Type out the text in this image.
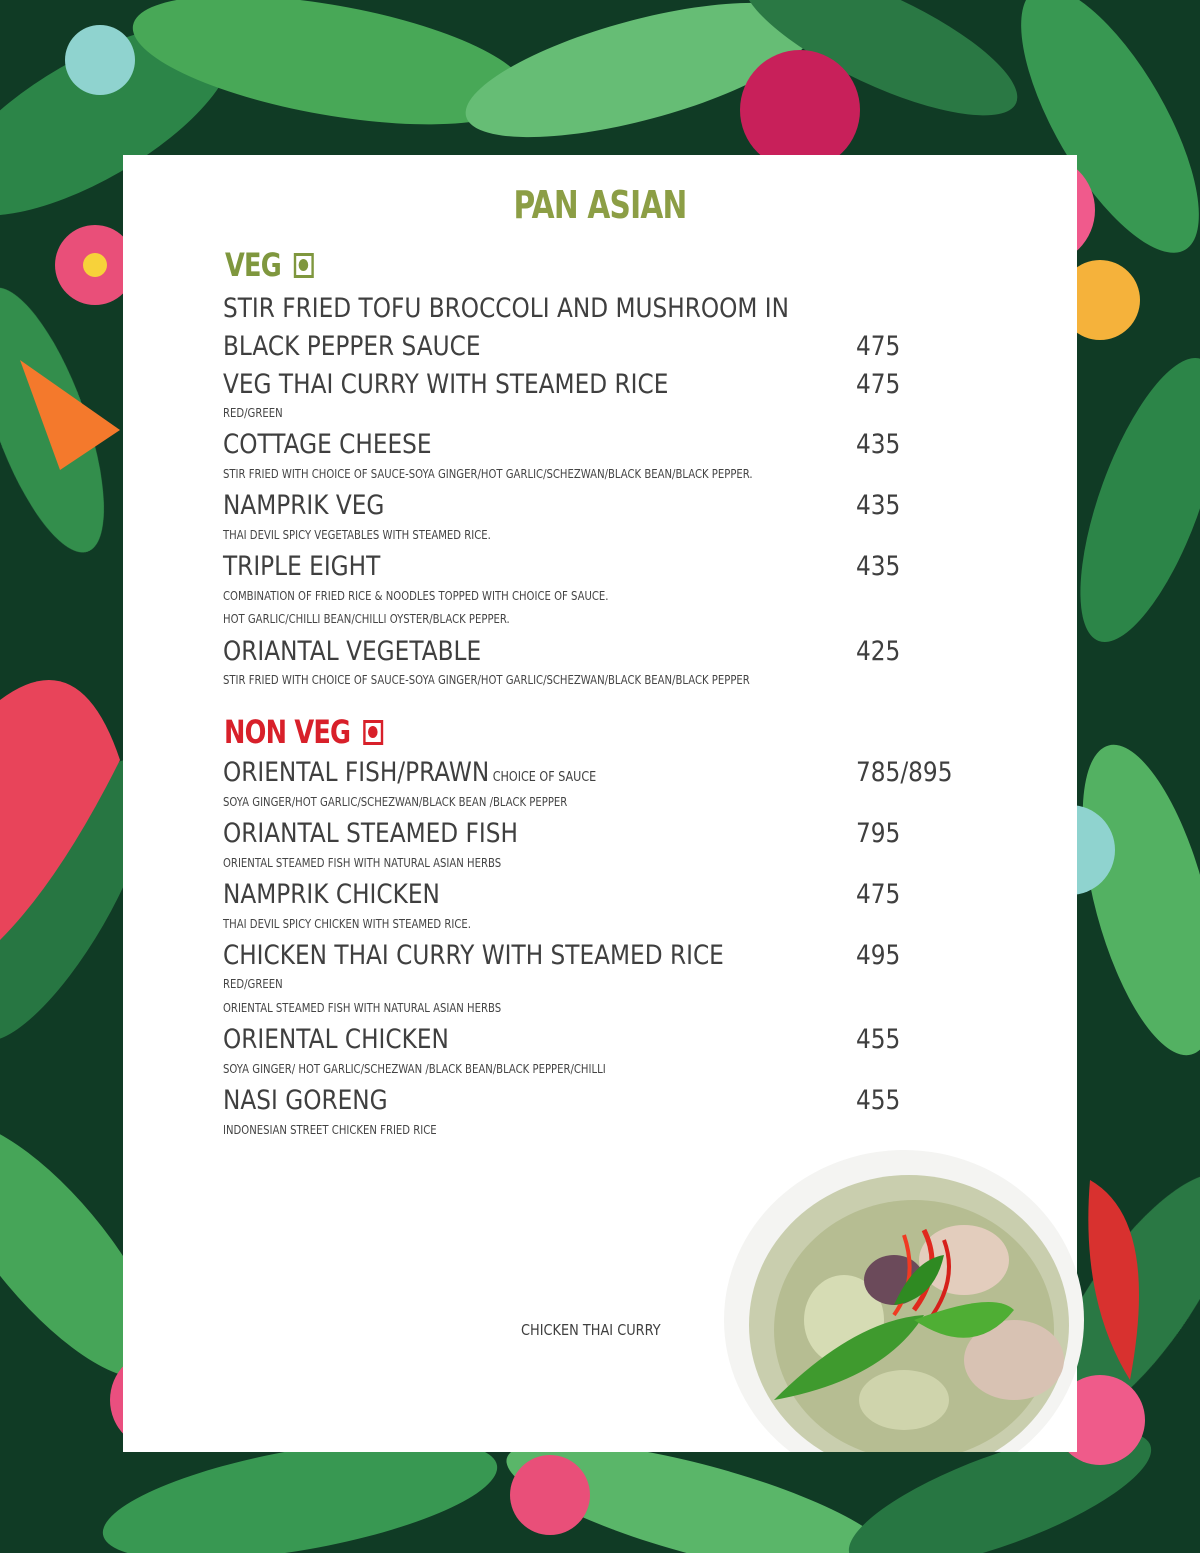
PAN ASIAN
VEG
STIR FRIED TOFU BROCCOLI AND MUSHROOM IN
BLACK PEPPER SAUCE	475
VEG THAI CURRY WITH STEAMED RICE	475
RED/GREEN
COTTAGE CHEESE	435
STIR FRIED WITH CHOICE OF SAUCE-SOYA GINGER/HOT GARLIC/SCHEZWAN/BLACK BEAN/BLACK PEPPER.
NAMPRIK VEG	435
THAI DEVIL SPICY VEGETABLES WITH STEAMED RICE.
TRIPLE EIGHT	435
COMBINATION OF FRIED RICE & NOODLES TOPPED WITH CHOICE OF SAUCE.
HOT GARLIC/CHILLI BEAN/CHILLI OYSTER/BLACK PEPPER.
ORIANTAL VEGETABLE	425
STIR FRIED WITH CHOICE OF SAUCE-SOYA GINGER/HOT GARLIC/SCHEZWAN/BLACK BEAN/BLACK PEPPER
NON VEG
ORIENTAL FISH/PRAWN CHOICE OF SAUCE	785/895
SOYA GINGER/HOT GARLIC/SCHEZWAN/BLACK BEAN /BLACK PEPPER
ORIANTAL STEAMED FISH	795
ORIENTAL STEAMED FISH WITH NATURAL ASIAN HERBS
NAMPRIK CHICKEN	475
THAI DEVIL SPICY CHICKEN WITH STEAMED RICE.
CHICKEN THAI CURRY WITH STEAMED RICE	495
RED/GREEN
ORIENTAL STEAMED FISH WITH NATURAL ASIAN HERBS
ORIENTAL CHICKEN	455
SOYA GINGER/ HOT GARLIC/SCHEZWAN /BLACK BEAN/BLACK PEPPER/CHILLI
NASI GORENG	455
INDONESIAN STREET CHICKEN FRIED RICE
CHICKEN THAI CURRY
